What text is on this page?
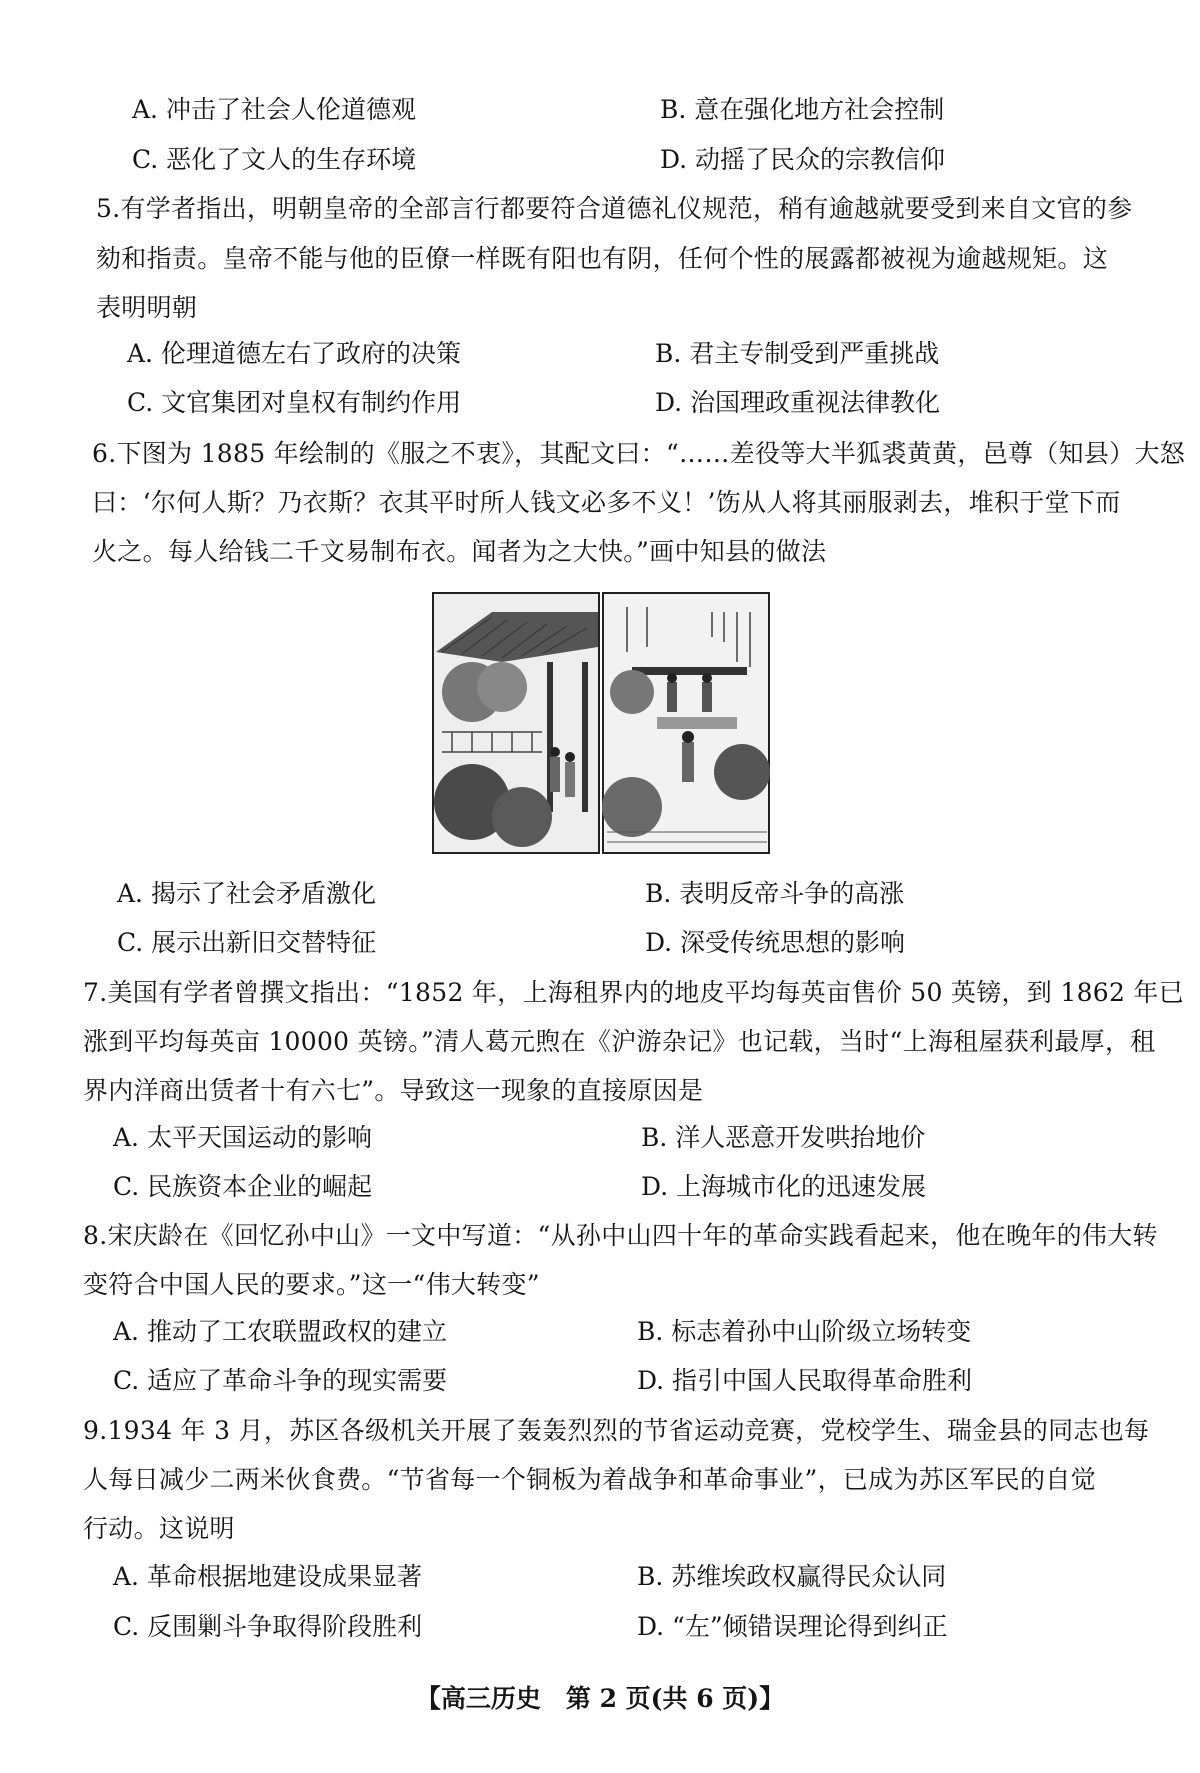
A. 冲击了社会人伦道德观	B. 意在强化地方社会控制
C. 恶化了文人的生存环境	D. 动摇了民众的宗教信仰
5.有学者指出，明朝皇帝的全部言行都要符合道德礼仪规范，稍有逾越就要受到来自文官的参
劾和指责。皇帝不能与他的臣僚一样既有阳也有阴，任何个性的展露都被视为逾越规矩。这
表明明朝
A. 伦理道德左右了政府的决策	B. 君主专制受到严重挑战
C. 文官集团对皇权有制约作用	D. 治国理政重视法律教化
6.下图为 1885 年绘制的《服之不衷》，其配文曰：“……差役等大半狐裘黄黄，邑尊（知县）大怒
曰：‘尔何人斯？乃衣斯？衣其平时所人钱文必多不义！’饬从人将其丽服剥去，堆积于堂下而
火之。每人给钱二千文易制布衣。闻者为之大快。”画中知县的做法
A. 揭示了社会矛盾激化	B. 表明反帝斗争的高涨
C. 展示出新旧交替特征	D. 深受传统思想的影响
7.美国有学者曾撰文指出：“1852 年，上海租界内的地皮平均每英亩售价 50 英镑，到 1862 年已
涨到平均每英亩 10000 英镑。”清人葛元煦在《沪游杂记》也记载，当时“上海租屋获利最厚，租
界内洋商出赁者十有六七”。导致这一现象的直接原因是
A. 太平天国运动的影响	B. 洋人恶意开发哄抬地价
C. 民族资本企业的崛起	D. 上海城市化的迅速发展
8.宋庆龄在《回忆孙中山》一文中写道：“从孙中山四十年的革命实践看起来，他在晚年的伟大转
变符合中国人民的要求。”这一“伟大转变”
A. 推动了工农联盟政权的建立	B. 标志着孙中山阶级立场转变
C. 适应了革命斗争的现实需要	D. 指引中国人民取得革命胜利
9.1934 年 3 月，苏区各级机关开展了轰轰烈烈的节省运动竞赛，党校学生、瑞金县的同志也每
人每日减少二两米伙食费。“节省每一个铜板为着战争和革命事业”，已成为苏区军民的自觉
行动。这说明
A. 革命根据地建设成果显著	B. 苏维埃政权赢得民众认同
C. 反围剿斗争取得阶段胜利	D. “左”倾错误理论得到纠正
【高三历史　第 2 页(共 6 页)】
